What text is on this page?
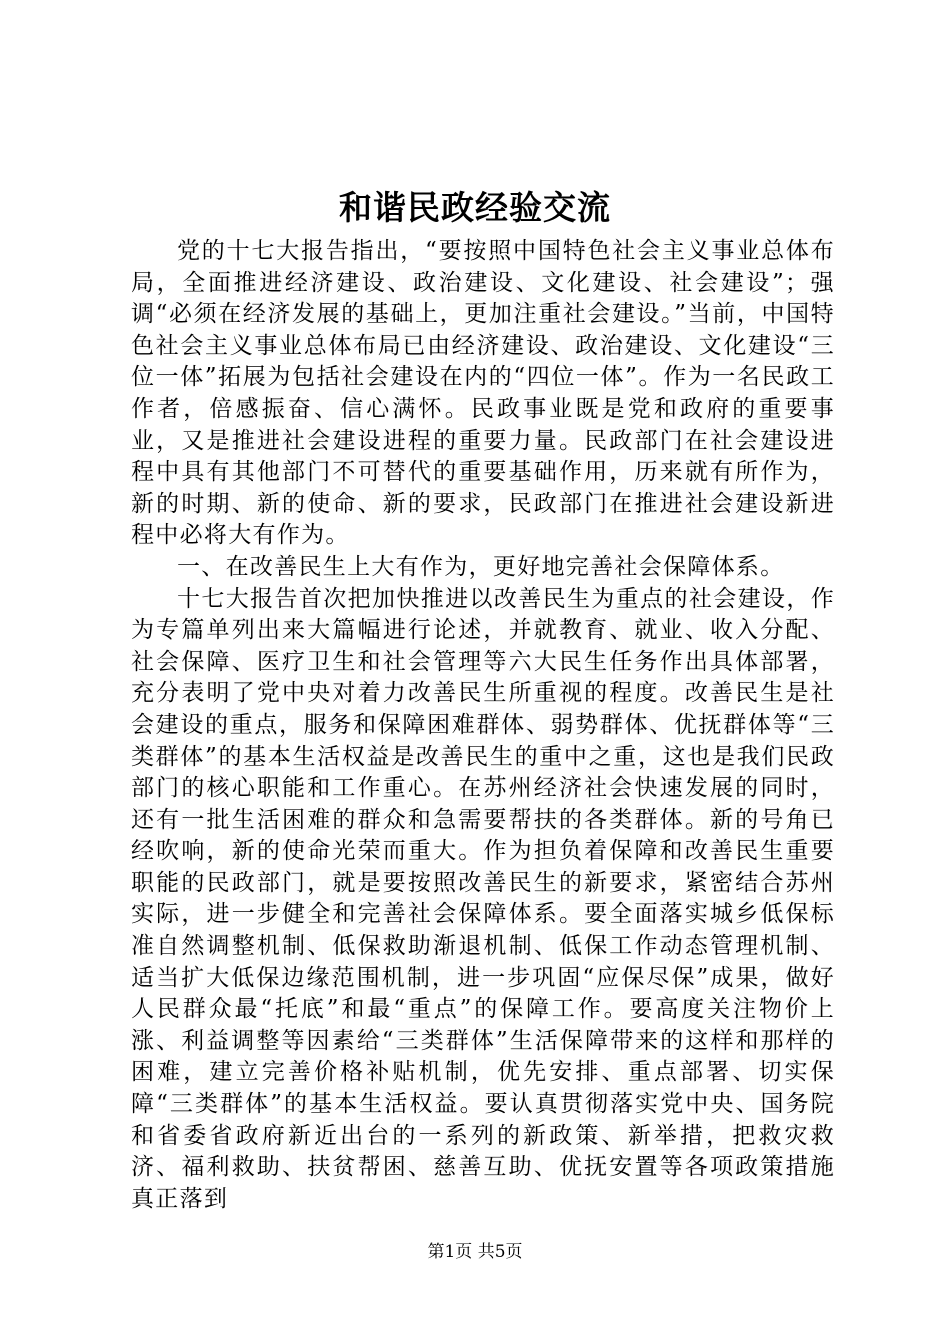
和谐民政经验交流

党的十七大报告指出，“要按照中国特色社会主义事业总体布局，全面推进经济建设、政治建设、文化建设、社会建设”；强调“必须在经济发展的基础上，更加注重社会建设。”当前，中国特色社会主义事业总体布局已由经济建设、政治建设、文化建设“三位一体”拓展为包括社会建设在内的“四位一体”。作为一名民政工作者，倍感振奋、信心满怀。民政事业既是党和政府的重要事业，又是推进社会建设进程的重要力量。民政部门在社会建设进程中具有其他部门不可替代的重要基础作用，历来就有所作为，新的时期、新的使命、新的要求，民政部门在推进社会建设新进程中必将大有作为。

一、在改善民生上大有作为，更好地完善社会保障体系。

十七大报告首次把加快推进以改善民生为重点的社会建设，作为专篇单列出来大篇幅进行论述，并就教育、就业、收入分配、社会保障、医疗卫生和社会管理等六大民生任务作出具体部署，充分表明了党中央对着力改善民生所重视的程度。改善民生是社会建设的重点，服务和保障困难群体、弱势群体、优抚群体等“三类群体”的基本生活权益是改善民生的重中之重，这也是我们民政部门的核心职能和工作重心。在苏州经济社会快速发展的同时，还有一批生活困难的群众和急需要帮扶的各类群体。新的号角已经吹响，新的使命光荣而重大。作为担负着保障和改善民生重要职能的民政部门，就是要按照改善民生的新要求，紧密结合苏州实际，进一步健全和完善社会保障体系。要全面落实城乡低保标准自然调整机制、低保救助渐退机制、低保工作动态管理机制、适当扩大低保边缘范围机制，进一步巩固“应保尽保”成果，做好人民群众最“托底”和最“重点”的保障工作。要高度关注物价上涨、利益调整等因素给“三类群体”生活保障带来的这样和那样的困难，建立完善价格补贴机制，优先安排、重点部署、切实保障“三类群体”的基本生活权益。要认真贯彻落实党中央、国务院和省委省政府新近出台的一系列的新政策、新举措，把救灾救济、福利救助、扶贫帮困、慈善互助、优抚安置等各项政策措施真正落到

第1页 共5页
